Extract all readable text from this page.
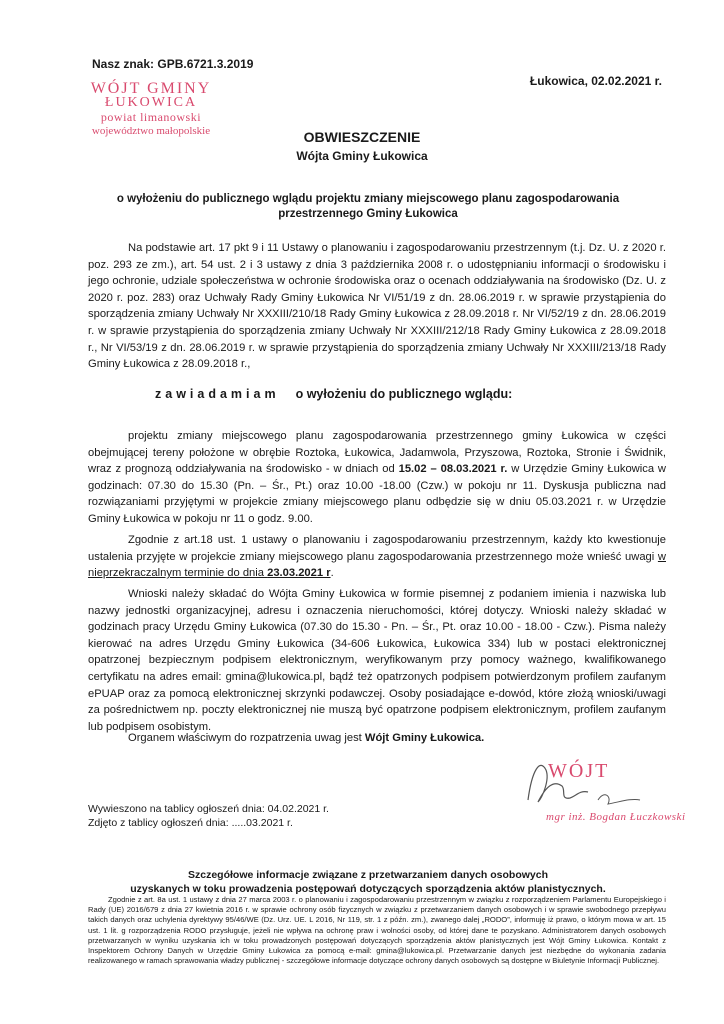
Nasz znak: GPB.6721.3.2019
Łukowica, 02.02.2021 r.
WÓJT GMINY
ŁUKOWICA
powiat limanowski
województwo małopolskie	OBWIESZCZENIE
Wójta Gminy Łukowica
o wyłożeniu do publicznego wglądu projektu zmiany miejscowego planu zagospodarowania przestrzennego Gminy Łukowica
Na podstawie art. 17 pkt 9 i 11 Ustawy o planowaniu i zagospodarowaniu przestrzennym (t.j. Dz. U. z 2020 r. poz. 293 ze zm.), art. 54 ust. 2 i 3 ustawy z dnia 3 października 2008 r. o udostępnianiu informacji o środowisku i jego ochronie, udziale społeczeństwa w ochronie środowiska oraz o ocenach oddziaływania na środowisko (Dz. U. z 2020 r. poz. 283) oraz Uchwały Rady Gminy Łukowica Nr VI/51/19 z dn. 28.06.2019 r. w sprawie przystąpienia do sporządzenia zmiany Uchwały Nr XXXIII/210/18 Rady Gminy Łukowica z 28.09.2018 r. Nr VI/52/19 z dn. 28.06.2019 r. w sprawie przystąpienia do sporządzenia zmiany Uchwały Nr XXXIII/212/18 Rady Gminy Łukowica z 28.09.2018 r., Nr VI/53/19 z dn. 28.06.2019 r. w sprawie przystąpienia do sporządzenia zmiany Uchwały Nr XXXIII/213/18 Rady Gminy Łukowica z 28.09.2018 r.,
zawiadamiam o wyłożeniu do publicznego wglądu:
projektu zmiany miejscowego planu zagospodarowania przestrzennego gminy Łukowica w części obejmującej tereny położone w obrębie Roztoka, Łukowica, Jadamwola, Przyszowa, Roztoka, Stronie i Świdnik, wraz z prognozą oddziaływania na środowisko - w dniach od 15.02 – 08.03.2021 r. w Urzędzie Gminy Łukowica w godzinach: 07.30 do 15.30 (Pn. – Śr., Pt.) oraz 10.00 -18.00 (Czw.) w pokoju nr 11. Dyskusja publiczna nad rozwiązaniami przyjętymi w projekcie zmiany miejscowego planu odbędzie się w dniu 05.03.2021 r. w Urzędzie Gminy Łukowica w pokoju nr 11 o godz. 9.00.
Zgodnie z art.18 ust. 1 ustawy o planowaniu i zagospodarowaniu przestrzennym, każdy kto kwestionuje ustalenia przyjęte w projekcie zmiany miejscowego planu zagospodarowania przestrzennego może wnieść uwagi w nieprzekraczalnym terminie do dnia 23.03.2021 r.
Wnioski należy składać do Wójta Gminy Łukowica w formie pisemnej z podaniem imienia i nazwiska lub nazwy jednostki organizacyjnej, adresu i oznaczenia nieruchomości, której dotyczy. Wnioski należy składać w godzinach pracy Urzędu Gminy Łukowica (07.30 do 15.30 - Pn. – Śr., Pt. oraz 10.00 - 18.00 - Czw.). Pisma należy kierować na adres Urzędu Gminy Łukowica (34-606 Łukowica, Łukowica 334) lub w postaci elektronicznej opatrzonej bezpiecznym podpisem elektronicznym, weryfikowanym przy pomocy ważnego, kwalifikowanego certyfikatu na adres email: gmina@lukowica.pl, bądź też opatrzonych podpisem potwierdzonym profilem zaufanym ePUAP oraz za pomocą elektronicznej skrzynki podawczej. Osoby posiadające e-dowód, które złożą wnioski/uwagi za pośrednictwem np. poczty elektronicznej nie muszą być opatrzone podpisem elektronicznym, profilem zaufanym lub podpisem osobistym.
Organem właściwym do rozpatrzenia uwag jest Wójt Gminy Łukowica.
WÓJT
mgr inż. Bogdan Łuczkowski
Wywieszono na tablicy ogłoszeń dnia: 04.02.2021 r.
Zdjęto z tablicy ogłoszeń dnia: .....03.2021 r.
Szczegółowe informacje związane z przetwarzaniem danych osobowych
uzyskanych w toku prowadzenia postępowań dotyczących sporządzenia aktów planistycznych.
Zgodnie z art. 8a ust. 1 ustawy z dnia 27 marca 2003 r. o planowaniu i zagospodarowaniu przestrzennym w związku z rozporządzeniem Parlamentu Europejskiego i Rady (UE) 2016/679 z dnia 27 kwietnia 2016 r. w sprawie ochrony osób fizycznych w związku z przetwarzaniem danych osobowych i w sprawie swobodnego przepływu takich danych oraz uchylenia dyrektywy 95/46/WE (Dz. Urz. UE. L 2016, Nr 119, str. 1 z późn. zm.), zwanego dalej „RODO”, informuję iż prawo, o którym mowa w art. 15 ust. 1 lit. g rozporządzenia RODO przysługuje, jeżeli nie wpływa na ochronę praw i wolności osoby, od której dane te pozyskano. Administratorem danych osobowych przetwarzanych w wyniku uzyskania ich w toku prowadzonych postępowań dotyczących sporządzenia aktów planistycznych jest Wójt Gminy Łukowica. Kontakt z Inspektorem Ochrony Danych w Urzędzie Gminy Łukowica za pomocą e-mail: gmina@lukowica.pl. Przetwarzanie danych jest niezbędne do wykonania zadania realizowanego w ramach sprawowania władzy publicznej - szczegółowe informacje dotyczące ochrony danych osobowych są dostępne w Biuletynie Informacji Publicznej.
